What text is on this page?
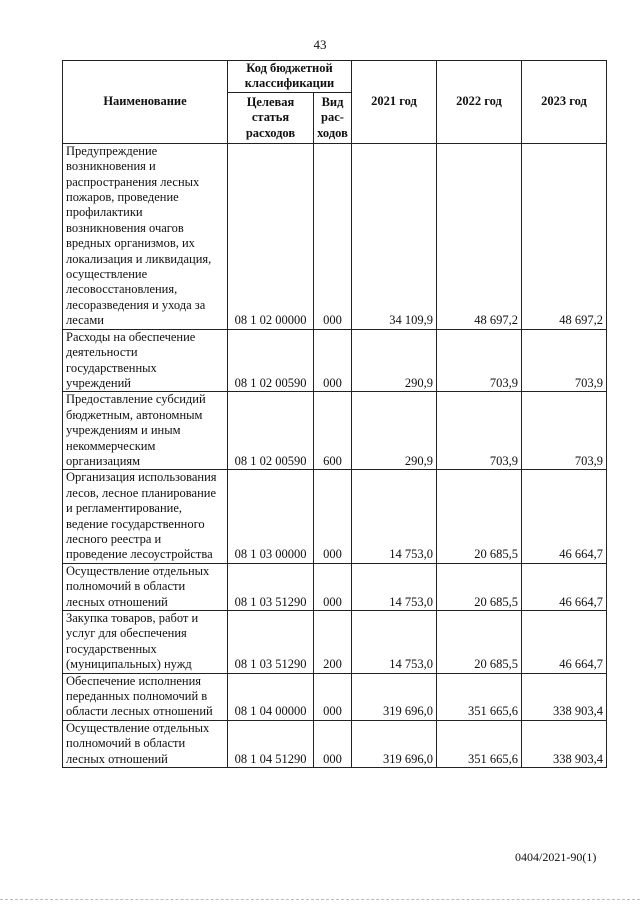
43
Наименование	Код бюджетной классификации		2021 год	2022 год	2023 год
	Целевая статья расходов	Вид рас-ходов			
Предупреждение возникновения и распространения лесных пожаров, проведение профилактики возникновения очагов вредных организмов, их локализация и ликвидация, осуществление лесовосстановления, лесоразведения и ухода за лесами	08 1 02 00000	000	34 109,9	48 697,2	48 697,2
Расходы на обеспечение деятельности государственных учреждений	08 1 02 00590	000	290,9	703,9	703,9
Предоставление субсидий бюджетным, автономным учреждениям и иным некоммерческим организациям	08 1 02 00590	600	290,9	703,9	703,9
Организация использования лесов, лесное планирование и регламентирование, ведение государственного лесного реестра и проведение лесоустройства	08 1 03 00000	000	14 753,0	20 685,5	46 664,7
Осуществление отдельных полномочий в области лесных отношений	08 1 03 51290	000	14 753,0	20 685,5	46 664,7
Закупка товаров, работ и услуг для обеспечения государственных (муниципальных) нужд	08 1 03 51290	200	14 753,0	20 685,5	46 664,7
Обеспечение исполнения переданных полномочий в области лесных отношений	08 1 04 00000	000	319 696,0	351 665,6	338 903,4
Осуществление отдельных полномочий в области лесных отношений	08 1 04 51290	000	319 696,0	351 665,6	338 903,4
0404/2021-90(1)
